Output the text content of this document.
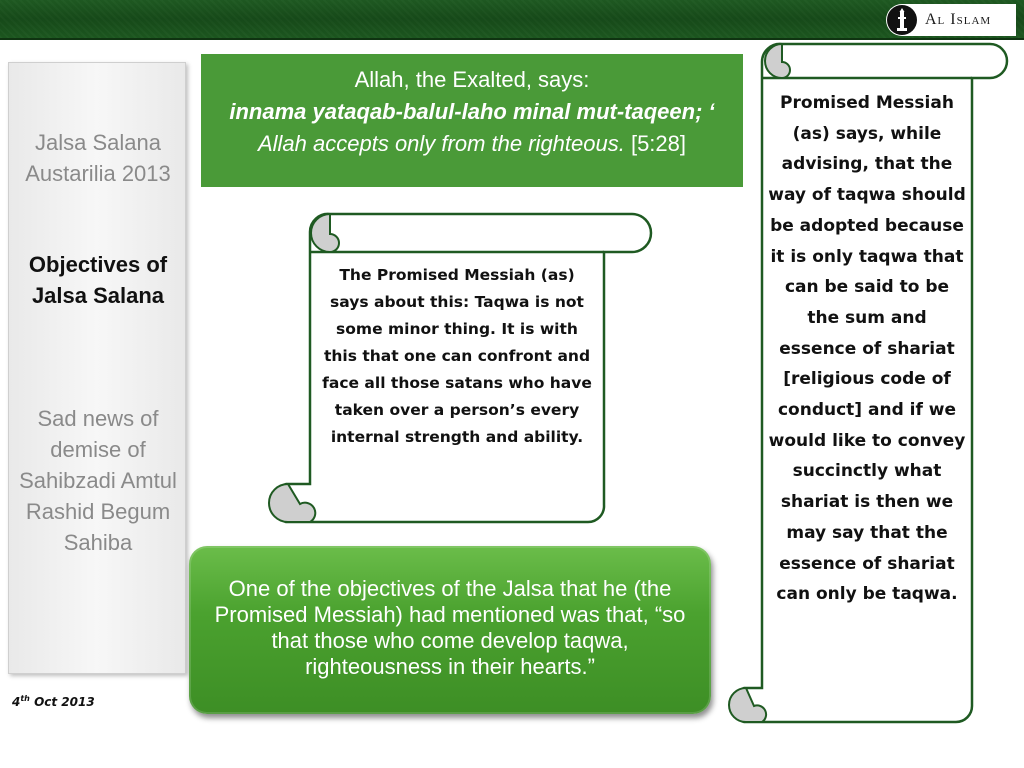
Al Islam
Jalsa Salana Austarilia 2013
Objectives of Jalsa Salana
Sad news of demise of Sahibzadi Amtul Rashid Begum Sahiba
4th Oct 2013
Allah, the Exalted, says:
innama yataqab-balul-laho minal mut-taqeen; ‘
Allah accepts only from the righteous. [5:28]
The Promised Messiah (as) says about this: Taqwa is not some minor thing. It is with this that one can confront and face all those satans who have taken over a person’s every internal strength and ability.
Promised Messiah (as) says, while advising, that the way of taqwa should be adopted because it is only taqwa that can be said to be the sum and essence of shariat [religious code of conduct] and if we would like to convey succinctly what shariat is then we may say that the essence of shariat can only be taqwa.
One of the objectives of the Jalsa that he (the Promised Messiah) had mentioned was that, “so that those who come develop taqwa, righteousness in their hearts.”
